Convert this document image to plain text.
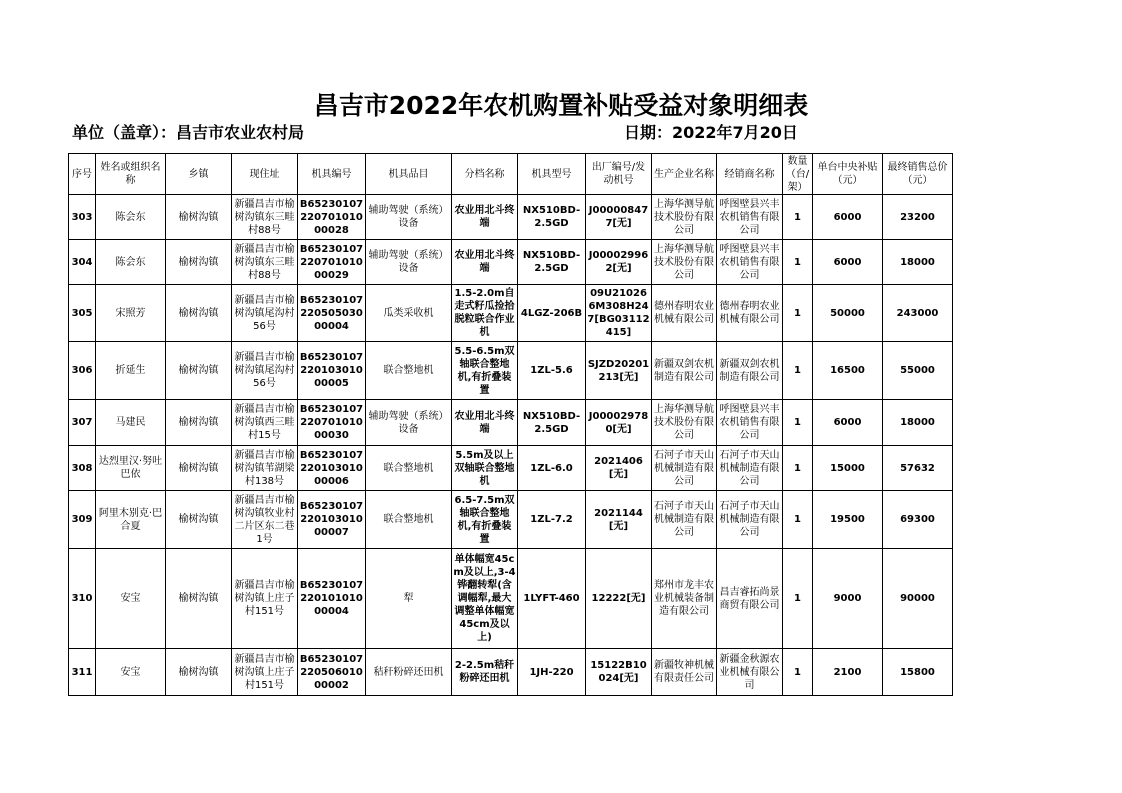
昌吉市2022年农机购置补贴受益对象明细表
单位（盖章）：昌吉市农业农村局	日期：2022年7月20日
序号	姓名或组织名称	乡镇	现住址	机具编号	机具品目	分档名称	机具型号	出厂编号/发动机号	生产企业名称	经销商名称	数量（台/架）	单台中央补贴（元）	最终销售总价（元）
303	陈会东	榆树沟镇	新疆昌吉市榆树沟镇东三畦村88号	B6523010722070101000028	辅助驾驶（系统）设备	农业用北斗终端	NX510BD-2.5GD	J000008477[无]	上海华测导航技术股份有限公司	呼图壁县兴丰农机销售有限公司	1	6000	23200
304	陈会东	榆树沟镇	新疆昌吉市榆树沟镇东三畦村88号	B6523010722070101000029	辅助驾驶（系统）设备	农业用北斗终端	NX510BD-2.5GD	J000029962[无]	上海华测导航技术股份有限公司	呼图壁县兴丰农机销售有限公司	1	6000	18000
305	宋照芳	榆树沟镇	新疆昌吉市榆树沟镇尾沟村56号	B6523010722050503000004	瓜类采收机	1.5-2.0m自走式籽瓜捡拾脱粒联合作业机	4LGZ-206B	09U210266M308H247[BG03112415]	德州春明农业机械有限公司	德州春明农业机械有限公司	1	50000	243000
306	折延生	榆树沟镇	新疆昌吉市榆树沟镇尾沟村56号	B6523010722010301000005	联合整地机	5.5-6.5m双轴联合整地机,有折叠装置	1ZL-5.6	SJZD20201213[无]	新疆双剑农机制造有限公司	新疆双剑农机制造有限公司	1	16500	55000
307	马建民	榆树沟镇	新疆昌吉市榆树沟镇西三畦村15号	B6523010722070101000030	辅助驾驶（系统）设备	农业用北斗终端	NX510BD-2.5GD	J000029780[无]	上海华测导航技术股份有限公司	呼图壁县兴丰农机销售有限公司	1	6000	18000
308	达烈里汉·努吐巴依	榆树沟镇	新疆昌吉市榆树沟镇苇湖梁村138号	B6523010722010301000006	联合整地机	5.5m及以上双轴联合整地机	1ZL-6.0	2021406[无]	石河子市天山机械制造有限公司	石河子市天山机械制造有限公司	1	15000	57632
309	阿里木别克·巴合夏	榆树沟镇	新疆昌吉市榆树沟镇牧业村二片区东二巷1号	B6523010722010301000007	联合整地机	6.5-7.5m双轴联合整地机,有折叠装置	1ZL-7.2	2021144[无]	石河子市天山机械制造有限公司	石河子市天山机械制造有限公司	1	19500	69300
310	安宝	榆树沟镇	新疆昌吉市榆树沟镇上庄子村151号	B6523010722010101000004	犁	单体幅宽45cm及以上,3-4铧翻转犁(含调幅犁,最大调整单体幅宽45cm及以上)	1LYFT-460	12222[无]	郑州市龙丰农业机械装备制造有限公司	昌吉睿拓尚景商贸有限公司	1	9000	90000
311	安宝	榆树沟镇	新疆昌吉市榆树沟镇上庄子村151号	B6523010722050601000002	秸秆粉碎还田机	2-2.5m秸秆粉碎还田机	1JH-220	15122B10024[无]	新疆牧神机械有限责任公司	新疆金秋源农业机械有限公司	1	2100	15800
